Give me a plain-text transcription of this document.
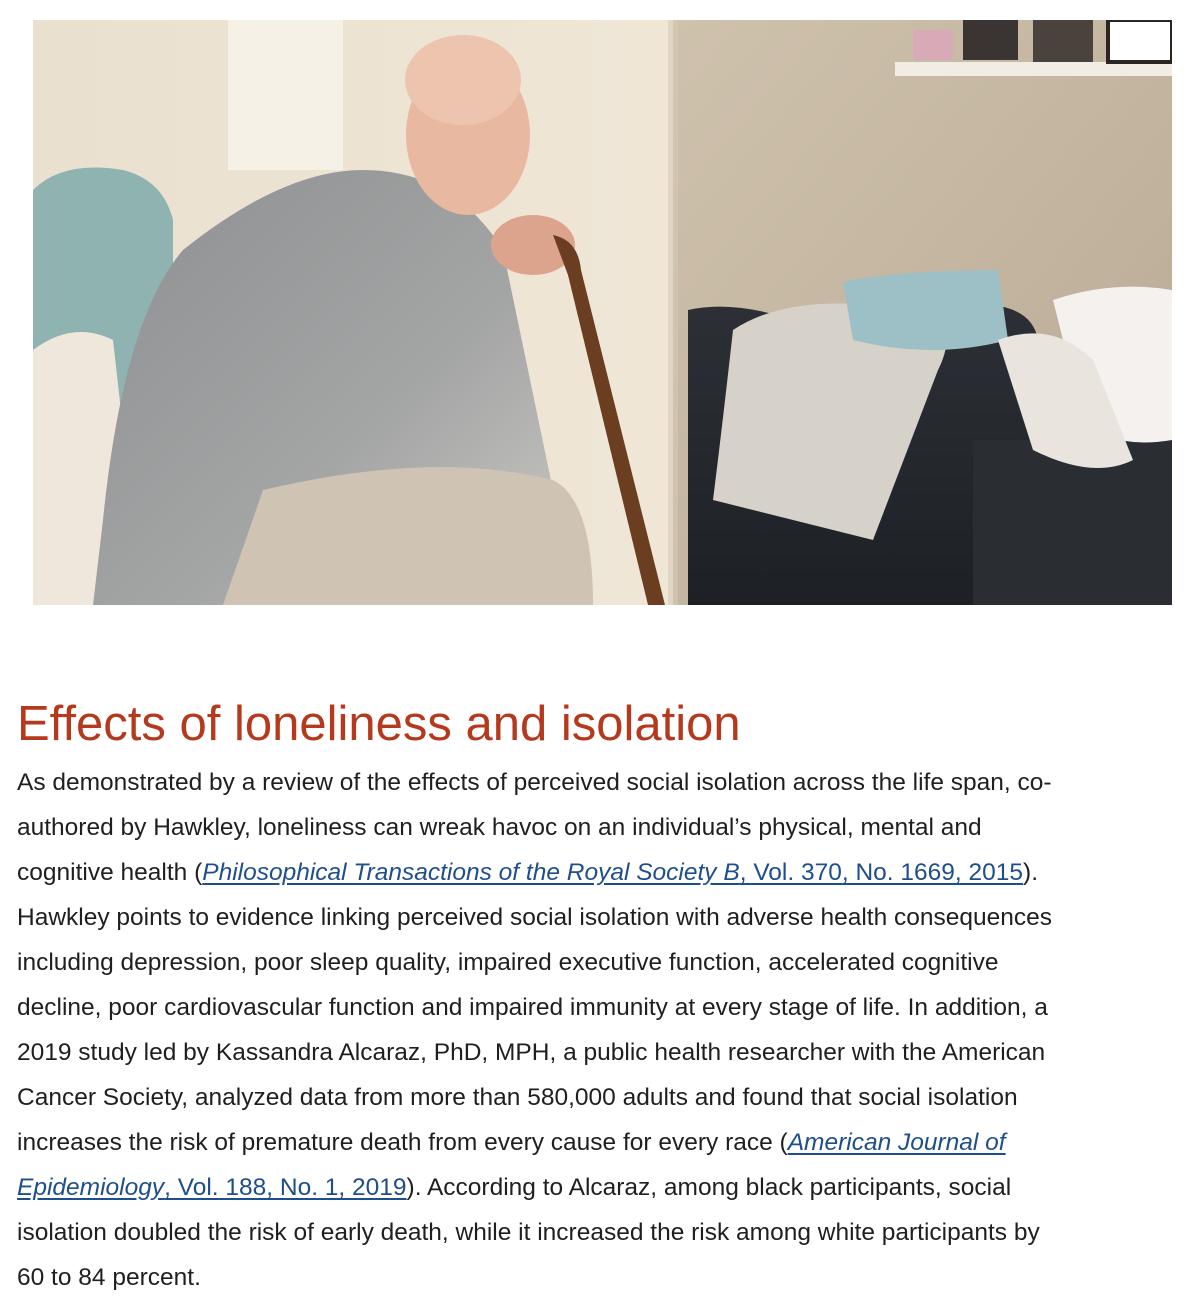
Effects of loneliness and isolation

As demonstrated by a review of the effects of perceived social isolation across the life span, co-
authored by Hawkley, loneliness can wreak havoc on an individual’s physical, mental and
cognitive health (Philosophical Transactions of the Royal Society B, Vol. 370, No. 1669, 2015).
Hawkley points to evidence linking perceived social isolation with adverse health consequences
including depression, poor sleep quality, impaired executive function, accelerated cognitive
decline, poor cardiovascular function and impaired immunity at every stage of life. In addition, a
2019 study led by Kassandra Alcaraz, PhD, MPH, a public health researcher with the American
Cancer Society, analyzed data from more than 580,000 adults and found that social isolation
increases the risk of premature death from every cause for every race (American Journal of
Epidemiology, Vol. 188, No. 1, 2019). According to Alcaraz, among black participants, social
isolation doubled the risk of early death, while it increased the risk among white participants by
60 to 84 percent.
